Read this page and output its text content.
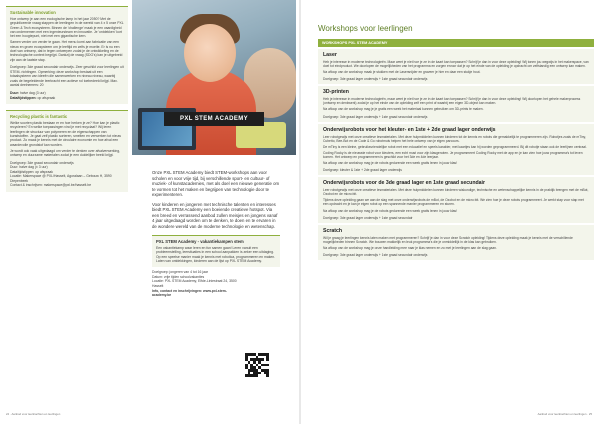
Sustainable innovation

Hoe ontwerp je aan een ecologische lamp in het jaar 2050? Met de gepubliceerde vraag stappen de leerlingen in de wereld van 4 x 5 onze PXL Green & Tech ecosysteem. Binnen de 'challenge' maak je een vaardigheid van ondernemen met een ingenieursteam en innovatie. Je 'ontdekken' kort het een hoogtepunt, niet met een gigantische kern.

Samen verder om verder te gaan. Het menu komt aan fabricatie van een nieuw en groen ecosysteem om je leeftijd en zelfs je moeite. Er is nu een doel van ontwerp, dat in tegen ontwerpen zodat je de ontwikkeling en de technologische context begrijpt. Dankzij de vraag (SDG's) kan je uitgebreid zijn aan de laatste stap.

Doelgroep: 3de graad secundair onderwijs. Zeer geschikt voor leerlingen uit STEM- richtingen. Opmerking: deze workshop bestaat uit een totaalsysteem van ideeën die samenwerken en niveau niveau, waarbij zoals de begeleidende leerkracht een actieve rol toebedeeld krijgt. Max. aantal deelnemers: 20
Duur: halve dag (3 uur)
Data/tijdstippen: op afspraak
Recycling plastic is fantastic

Welke soorten plastic bestaan er en hoe herken je ze? Hoe kan je plastic recycleren? En welke toepassingen vind je met recyclaat? Wij leren leerlingen de structuur van polymeren en de eigenschappen van kunststoffen. Je gaat zelf plastic sorteren, smelten en verwerken tot nieuw product. Zo maak je kennis met de circulaire economie en hoe afval een waardevolle grondstof kan worden.

Je wordt ook vaak uitgedaagd om verder te denken over afvalverwerking, ontwerp en duurzame materialen zodat je een duidelijker beeld krijgt.

Doelgroep: 3de graad secundair onderwijs
Duur: halve dag (± 3 uur)
Data/tijdstippen: op afspraak
Locatie: Makerspace @ PXL/Hasselt, Agoralaan – Gebouw H, 3590 Diepenbeek
Contact & inschrijven: makerspace@pxl.be/hasselt.be
PXL STEM ACADEMY

Onze PXL STEM Academy biedt STEM-workshops aan voor scholen en voor vrije tijd, bij verschillende sport- en cultuur- of muziek- of kunstacademies, met als doel een nieuwe generatie om te vormen tot het maken en begrijpen van technologie door te experimenteren.

Voor kinderen en jongeren met technische talenten en interesses biedt PXL STEM Academy een boeiende creatieve hotspot. Via een breed en verrassend aanbod zullen meisjes en jongens vanaf 4 jaar uitgedaagd worden om te denken, te doen en te ervaren in de wondere wereld van de moderne technologie en wetenschap.

PXL STEM Academy - vakantiekampen stem

Een vakantiekamp waar leren en fun samen gaan! Leren vanuit een probleemstelling, leersituaties in een school aanpakken is zeker een uitdaging. Op een speelse manier maak je kennis met robotica, programmeren en maken. Laten van ontdekkingen, kinderen aan de lijst op PXL STEM Academy.

Doelgroep: jongeren van 4 tot 16 jaar
Datum: vrije tijden schoolvakanties
Locatie: PXL STEM Academy, Elfde-Liniestraat 24, 3500 Hasselt
Info, contact en inschrijvingen: www.pxl-stem-academy.be
24 · Aanbod voor leerkrachten en leerlingen
Workshops voor leerlingen
WORKSHOPS PXL STEM ACADEMY
Laser

Heb je interesse in moderne technologieën. Maar weet je niet hoe je ze in de kaart kan toepassen? Schrijf je dan in voor deze opleiding! Wij tonen jou wegwijs in het makerspace, van doel tot eindproduct. We doorlopen de mogelijkheden van het programma en zorgen ervoor dat je op het einde van de opleiding je opdracht om zelfstandig een ontwerp kan maken.

Na afloop van de workshop maak je stukken met de Lasersnijder en graveer je hier en daar een stukje hout.

Doelgroep: 3de graad lager onderwijs + 1ste graad secundair onderwijs
3D-printen

Heb je interesse in moderne technologieën, maar weet je niet hoe je ze in de kaart kan toepassen? Schrijf je dan in voor deze opleiding! Wij doorlopen het gehele makerprocess (ontwerp en denkwerk) zodat je op het einde van de opleiding zelf een print of waarbij een eigen 3D-object kan maken.

Na afloop van de workshop mag je je gratis een week het materiaal kunnen gebruiken om 3D-prints te maken.

Doelgroep: 3de graad lager onderwijs + 1ste graad secundair onderwijs
Onderwijsrobots voor het kleuter- en 1ste + 2de graad lager onderwijs

Leer robotgewijs met onze creatieve lesmaterialen. Met deze hulpmiddelen kunnen kinderen tot de kennis en robots die gemakkelijk te programmeren zijn. Robotjes zoals de mTiny, Cubetto, Bee-Bot en de Code & Go robotmuis helpen het hele ontwerp van je eigen parcours.

De mTiny is een kleine, gebruiksvriendelijke robot met een educatief en speels karakter, met kaartjes kan hij worden geprogrammeerd. Bij dit robotje staan ook de leerlijnen centraal.

Coding Rocky is de nieuwste robot voor kleuters, een echt must voor zijn klasgenoten. Je programmeert Coding Rocky met de app en je kan zien hoe jouw programma's tot leven komen. Het ontwerp en programmeren is geschikt voor het 3de en 4de leerjaar.

Na afloop van de workshop mag je de robots gedurende een week gratis lenen in jouw klas!

Doelgroep: kleuter & 1ste + 2de graad lager onderwijs
Onderwijsrobots voor de 3de graad lager en 1ste graad secundair

Leer robotgewijs met onze creatieve lesmaterialen. Met deze hulpmiddelen kunnen kinderen wiskundige, technische en wetenschappelijke kennis in de praktijk brengen met de mBot, Ozobot en de micro:bit.

Tijdens deze opleiding gaan we aan de slag met onze onderwijsrobots de mBot, de Ozobot en de micro:bit. We zien hoe je deze robots programmeert. Je werkt stap voor stap met een opdracht en je kan je eigen robot op een spannende manier programmeren en sturen.

Na afloop van de workshop mag je de robots gedurende een week gratis lenen in jouw klas!

Doelgroep: 3de graad lager onderwijs + 1ste graad secundair
Scratch

Wil je graag je leerlingen kennis laten maken met programmeren? Schrijf je dan in voor deze Scratch opleiding! Tijdens deze opleiding maak je kennis met de verschillende mogelijkheden binnen Scratch. We bouwen makkelijk en leuk programma's die je onmiddellijk in de klas kan gebruiken.

Na afloop van de workshop mag je onze handleiding mee naar je klas nemen en zo met je leerlingen aan de slag gaan.

Doelgroep: 3de graad lager onderwijs + 1ste graad secundair onderwijs
Aanbod voor leerkrachten en leerlingen · 25
